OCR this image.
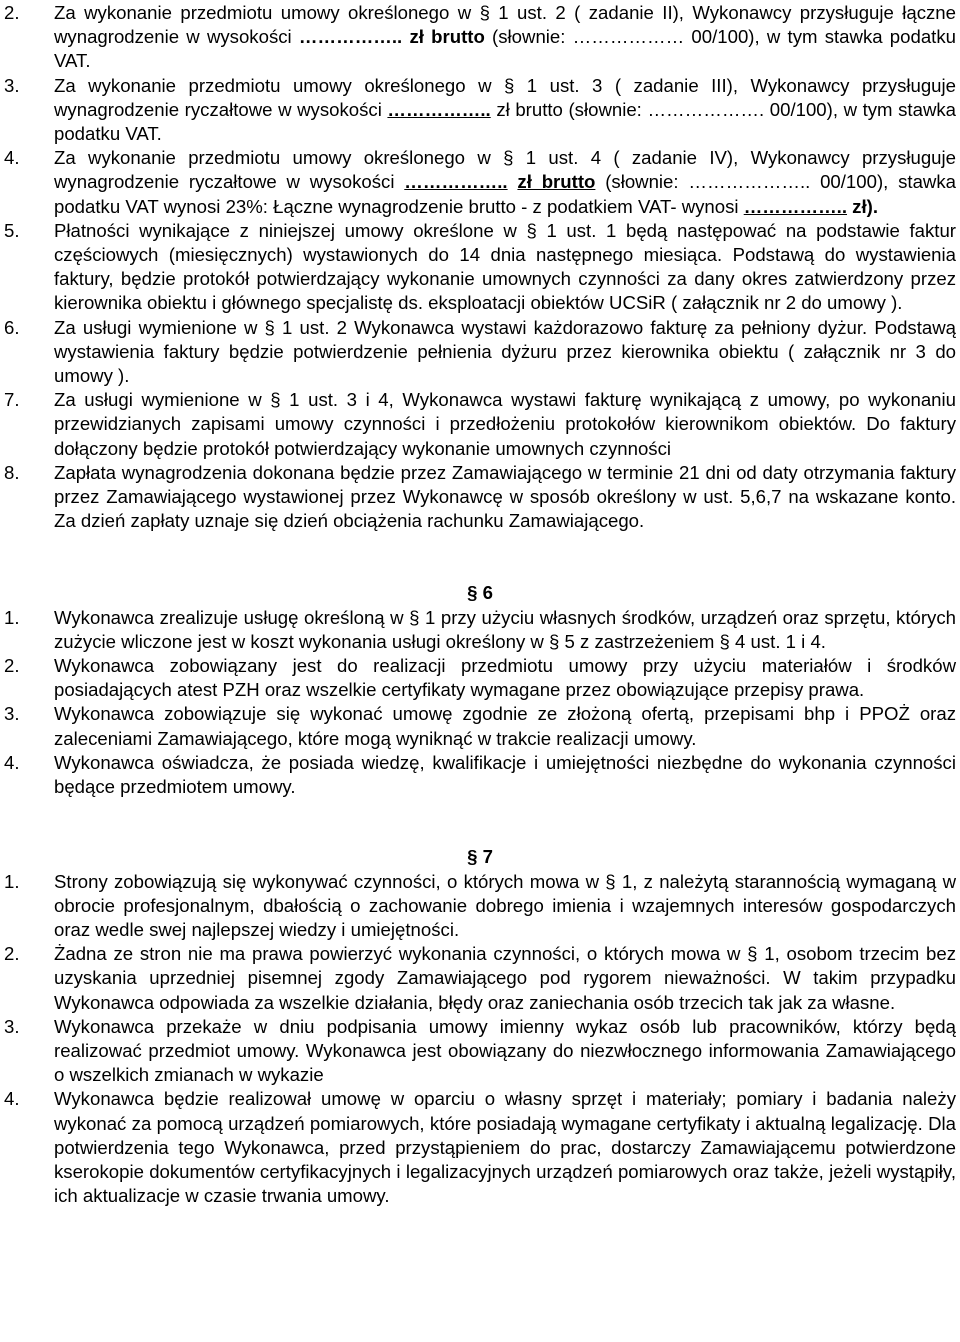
2.	Za wykonanie przedmiotu umowy określonego w § 1 ust. 2 ( zadanie II), Wykonawcy przysługuje łączne wynagrodzenie w wysokości …………….. zł brutto (słownie: ……………… 00/100), w tym stawka podatku VAT.
3.	Za wykonanie przedmiotu umowy określonego w § 1 ust. 3 ( zadanie III), Wykonawcy przysługuje wynagrodzenie ryczałtowe w wysokości …………….. zł brutto (słownie: ………………. 00/100), w tym stawka podatku VAT.
4.	Za wykonanie przedmiotu umowy określonego w § 1 ust. 4 ( zadanie IV), Wykonawcy przysługuje wynagrodzenie ryczałtowe w wysokości …………….. zł brutto (słownie: ……………….. 00/100), stawka podatku VAT wynosi 23%: Łączne wynagrodzenie brutto - z podatkiem VAT- wynosi …………….. zł).
5.	Płatności wynikające z niniejszej umowy określone w § 1 ust. 1 będą następować na podstawie faktur częściowych (miesięcznych) wystawionych do 14 dnia następnego miesiąca. Podstawą do wystawienia faktury, będzie protokół potwierdzający wykonanie umownych czynności za dany okres zatwierdzony przez kierownika obiektu i głównego specjalistę ds. eksploatacji obiektów UCSiR ( załącznik nr 2 do umowy ).
6.	Za usługi wymienione w § 1 ust. 2 Wykonawca wystawi każdorazowo fakturę za pełniony dyżur. Podstawą wystawienia faktury będzie potwierdzenie pełnienia dyżuru przez kierownika obiektu ( załącznik nr 3 do umowy ).
7.	Za usługi wymienione w § 1 ust. 3 i 4, Wykonawca wystawi fakturę wynikającą z umowy, po wykonaniu przewidzianych zapisami umowy czynności i przedłożeniu protokołów kierownikom obiektów. Do faktury dołączony będzie protokół potwierdzający wykonanie umownych czynności
8.	Zapłata wynagrodzenia dokonana będzie przez Zamawiającego w terminie 21 dni od daty otrzymania faktury przez Zamawiającego wystawionej przez Wykonawcę w sposób określony w ust. 5,6,7 na wskazane konto. Za dzień zapłaty uznaje się dzień obciążenia rachunku Zamawiającego.
§ 6
1.	Wykonawca zrealizuje usługę określoną w § 1 przy użyciu własnych środków, urządzeń oraz sprzętu, których zużycie wliczone jest w koszt wykonania usługi określony w § 5 z zastrzeżeniem § 4 ust. 1 i 4.
2.	Wykonawca zobowiązany jest do realizacji przedmiotu umowy przy użyciu materiałów i środków posiadających atest PZH oraz wszelkie certyfikaty wymagane przez obowiązujące przepisy prawa.
3.	Wykonawca zobowiązuje się wykonać umowę zgodnie ze złożoną ofertą, przepisami bhp i PPOŻ oraz zaleceniami Zamawiającego, które mogą wyniknąć w trakcie realizacji umowy.
4.	Wykonawca oświadcza, że posiada wiedzę, kwalifikacje i umiejętności niezbędne do wykonania czynności będące przedmiotem umowy.
§ 7
1.	Strony zobowiązują się wykonywać czynności, o których mowa w § 1, z należytą starannością wymaganą w obrocie profesjonalnym, dbałością o zachowanie dobrego imienia i wzajemnych interesów gospodarczych oraz wedle swej najlepszej wiedzy i umiejętności.
2.	Żadna ze stron nie ma prawa powierzyć wykonania czynności, o których mowa w § 1, osobom trzecim bez uzyskania uprzedniej pisemnej zgody Zamawiającego pod rygorem nieważności. W takim przypadku Wykonawca odpowiada za wszelkie działania, błędy oraz zaniechania osób trzecich tak jak za własne.
3.	Wykonawca przekaże w dniu podpisania umowy imienny wykaz osób lub pracowników, którzy będą realizować przedmiot umowy. Wykonawca jest obowiązany do niezwłocznego informowania Zamawiającego o wszelkich zmianach w wykazie
4.	Wykonawca będzie realizował umowę w oparciu o własny sprzęt i materiały; pomiary i badania należy wykonać za pomocą urządzeń pomiarowych, które posiadają wymagane certyfikaty i aktualną legalizację. Dla potwierdzenia tego Wykonawca, przed przystąpieniem do prac, dostarczy Zamawiającemu potwierdzone kserokopie dokumentów certyfikacyjnych i legalizacyjnych urządzeń pomiarowych oraz także, jeżeli wystąpiły, ich aktualizacje w czasie trwania umowy.
